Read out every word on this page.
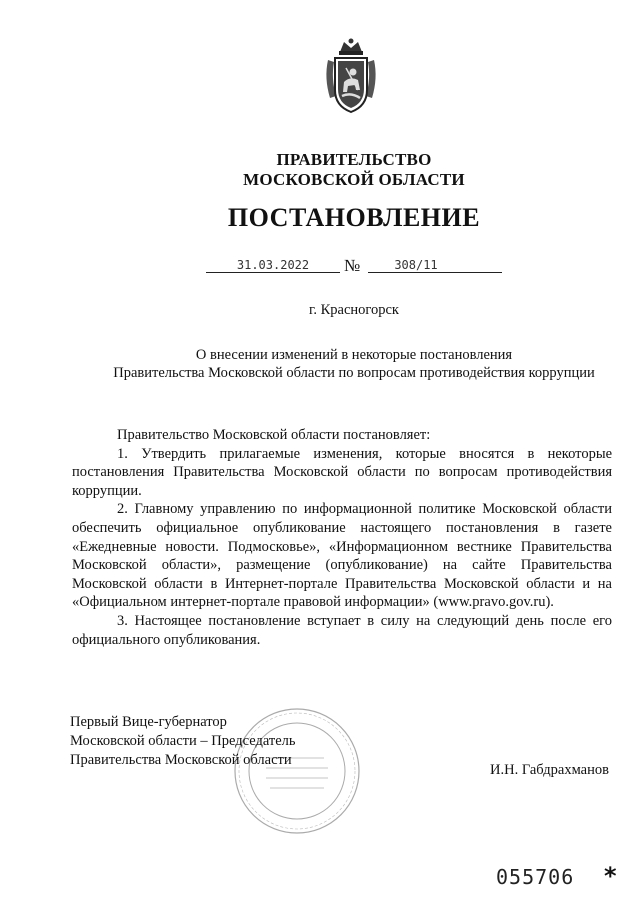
ПРАВИТЕЛЬСТВО
МОСКОВСКОЙ ОБЛАСТИ
ПОСТАНОВЛЕНИЕ
31.03.2022	№	308/11
г. Красногорск
О внесении изменений в некоторые постановления
Правительства Московской области по вопросам противодействия коррупции

Правительство Московской области постановляет:

1. Утвердить прилагаемые изменения, которые вносятся в некоторые постановления Правительства Московской области по вопросам противодействия коррупции.

2. Главному управлению по информационной политике Московской области обеспечить официальное опубликование настоящего постановления в газете «Ежедневные новости. Подмосковье», «Информационном вестнике Правительства Московской области», размещение (опубликование) на сайте Правительства Московской области в Интернет-портале Правительства Московской области и на «Официальном интернет-портале правовой информации» (www.pravo.gov.ru).

3. Настоящее постановление вступает в силу на следующий день после его официального опубликования.

Первый Вице-губернатор
Московской области – Председатель
Правительства Московской области
И.Н. Габдрахманов
055706 *
